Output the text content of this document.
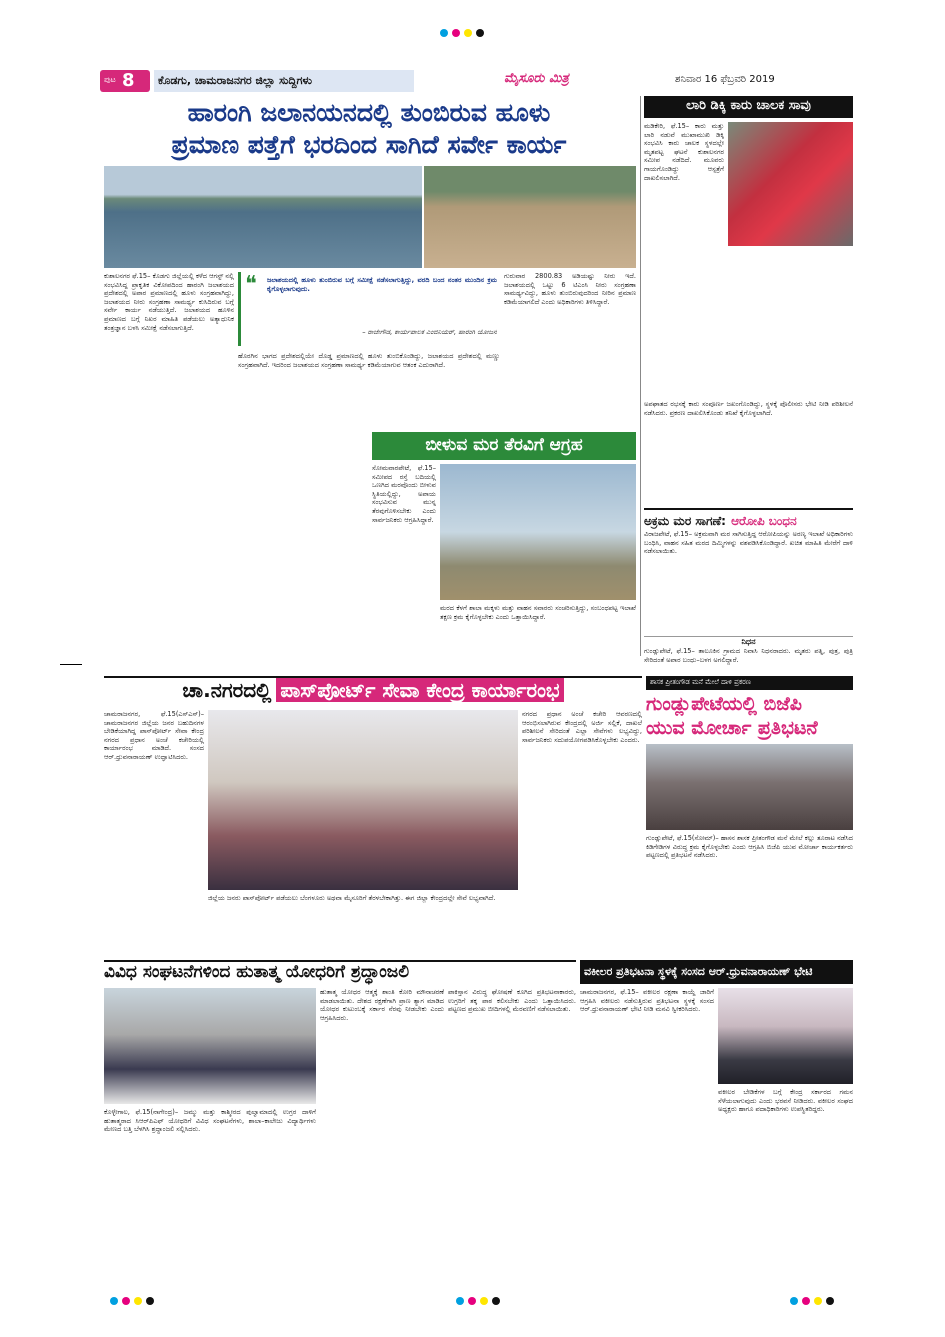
ಪುಟ 8	ಕೊಡಗು, ಚಾಮರಾಜನಗರ ಜಿಲ್ಲಾ ಸುದ್ದಿಗಳು	ಮೈಸೂರು ಮಿತ್ರ	ಶನಿವಾರ 16 ಫೆಬ್ರವರಿ 2019
ಹಾರಂಗಿ ಜಲಾನಯನದಲ್ಲಿ ತುಂಬಿರುವ ಹೂಳು
ಪ್ರಮಾಣ ಪತ್ತೆಗೆ ಭರದಿಂದ ಸಾಗಿದೆ ಸರ್ವೇ ಕಾರ್ಯ
ಕುಶಾಲನಗರ ಫೆ.15– ಕೊಡಗು ಜಿಲ್ಲೆಯಲ್ಲಿ ಕಳೆದ ಆಗಸ್ಟ್ ನಲ್ಲಿ ಸಂಭವಿಸಿದ್ದ ಪ್ರಾಕೃತಿಕ ವಿಕೋಪದಿಂದ ಹಾರಂಗಿ ಜಲಾಶಯದ ಪ್ರದೇಶದಲ್ಲಿ ಅಪಾರ ಪ್ರಮಾಣದಲ್ಲಿ ಹೂಳು ಸಂಗ್ರಹವಾಗಿದ್ದು, ಜಲಾಶಯದ ನೀರು ಸಂಗ್ರಹಣಾ ಸಾಮರ್ಥ್ಯ ಕುಸಿದಿರುವ ಬಗ್ಗೆ ಸರ್ವೇ ಕಾರ್ಯ ನಡೆಯುತ್ತಿದೆ. ಜಲಾಶಯದ ಹೂಳಿನ ಪ್ರಮಾಣದ ಬಗ್ಗೆ ನಿಖರ ಮಾಹಿತಿ ಪಡೆಯಲು ಅತ್ಯಾಧುನಿಕ ತಂತ್ರಜ್ಞಾನ ಬಳಸಿ ಸಮೀಕ್ಷೆ ನಡೆಸಲಾಗುತ್ತಿದೆ.
❝ ಜಲಾಶಯದಲ್ಲಿ ಹೂಳು ತುಂಬಿರುವ ಬಗ್ಗೆ ಸಮೀಕ್ಷೆ ನಡೆಸಲಾಗುತ್ತಿದ್ದು, ವರದಿ ಬಂದ ನಂತರ ಮುಂದಿನ ಕ್ರಮ ಕೈಗೊಳ್ಳಲಾಗುವುದು.
– ರಾಜೇಗೌಡ, ಕಾರ್ಯಪಾಲಕ ಎಂಜಿನಿಯರ್, ಹಾರಂಗಿ ಯೋಜನೆ
ಹೊರಗಿನ ಭಾಗದ ಪ್ರದೇಶದಲ್ಲಿಯೇ ದೊಡ್ಡ ಪ್ರಮಾಣದಲ್ಲಿ ಹೂಳು ತುಂಬಿಕೊಂಡಿದ್ದು, ಜಲಾಶಯದ ಪ್ರದೇಶದಲ್ಲಿ ಮಣ್ಣು ಸಂಗ್ರಹವಾಗಿದೆ. ಇದರಿಂದ ಜಲಾಶಯದ ಸಂಗ್ರಹಣಾ ಸಾಮರ್ಥ್ಯ ಕಡಿಮೆಯಾಗುವ ಆತಂಕ ಎದುರಾಗಿದೆ.
ಗುರುವಾರ 2800.83 ಅಡಿಯಷ್ಟು ನೀರು ಇದೆ. ಜಲಾಶಯದಲ್ಲಿ ಒಟ್ಟು 6 ಟಿಎಂಸಿ ನೀರು ಸಂಗ್ರಹಣಾ ಸಾಮರ್ಥ್ಯವಿದ್ದು, ಹೂಳು ತುಂಬಿರುವುದರಿಂದ ನೀರಿನ ಪ್ರಮಾಣ ಕಡಿಮೆಯಾಗಲಿದೆ ಎಂದು ಅಧಿಕಾರಿಗಳು ತಿಳಿಸಿದ್ದಾರೆ.
ಬೀಳುವ ಮರ ತೆರವಿಗೆ ಆಗ್ರಹ
ಸೋಮವಾರಪೇಟೆ, ಫೆ.15– ಸಮೀಪದ ರಸ್ತೆ ಬದಿಯಲ್ಲಿ ಒಣಗಿದ ಮರವೊಂದು ಬೀಳುವ ಸ್ಥಿತಿಯಲ್ಲಿದ್ದು, ಅಪಾಯ ಸಂಭವಿಸುವ ಮುನ್ನ ತೆರವುಗೊಳಿಸಬೇಕು ಎಂದು ಸಾರ್ವಜನಿಕರು ಆಗ್ರಹಿಸಿದ್ದಾರೆ.
ಮರದ ಕೆಳಗೆ ಶಾಲಾ ಮಕ್ಕಳು ಮತ್ತು ವಾಹನ ಸವಾರರು ಸಂಚರಿಸುತ್ತಿದ್ದು, ಸಂಬಂಧಪಟ್ಟ ಇಲಾಖೆ ತಕ್ಷಣ ಕ್ರಮ ಕೈಗೊಳ್ಳಬೇಕು ಎಂದು ಒತ್ತಾಯಿಸಿದ್ದಾರೆ.
ಲಾರಿ ಡಿಕ್ಕಿ ಕಾರು ಚಾಲಕ ಸಾವು
ಮಡಿಕೇರಿ, ಫೆ.15– ಕಾರು ಮತ್ತು ಲಾರಿ ನಡುವೆ ಮುಖಾಮುಖಿ ಡಿಕ್ಕಿ ಸಂಭವಿಸಿ ಕಾರು ಚಾಲಕ ಸ್ಥಳದಲ್ಲೇ ಮೃತಪಟ್ಟ ಘಟನೆ ಕುಶಾಲನಗರ ಸಮೀಪ ನಡೆದಿದೆ. ಮೂವರು ಗಾಯಗೊಂಡಿದ್ದು ಆಸ್ಪತ್ರೆಗೆ ದಾಖಲಿಸಲಾಗಿದೆ.
ಅಪಘಾತದ ರಭಸಕ್ಕೆ ಕಾರು ಸಂಪೂರ್ಣ ಜಖಂಗೊಂಡಿದ್ದು, ಸ್ಥಳಕ್ಕೆ ಪೊಲೀಸರು ಭೇಟಿ ನೀಡಿ ಪರಿಶೀಲನೆ ನಡೆಸಿದರು. ಪ್ರಕರಣ ದಾಖಲಿಸಿಕೊಂಡು ತನಿಖೆ ಕೈಗೊಳ್ಳಲಾಗಿದೆ.
ಅಕ್ರಮ ಮರ ಸಾಗಣೆ: ಆರೋಪಿ ಬಂಧನ
ವಿರಾಜಪೇಟೆ, ಫೆ.15– ಅಕ್ರಮವಾಗಿ ಮರ ಸಾಗಿಸುತ್ತಿದ್ದ ಆರೋಪಿಯನ್ನು ಅರಣ್ಯ ಇಲಾಖೆ ಅಧಿಕಾರಿಗಳು ಬಂಧಿಸಿ, ವಾಹನ ಸಹಿತ ಮರದ ದಿಮ್ಮಿಗಳನ್ನು ವಶಪಡಿಸಿಕೊಂಡಿದ್ದಾರೆ. ಖಚಿತ ಮಾಹಿತಿ ಮೇರೆಗೆ ದಾಳಿ ನಡೆಸಲಾಯಿತು.
ನಿಧನ
ಗುಂಡ್ಲುಪೇಟೆ, ಫೆ.15– ತಾಲೂಕಿನ ಗ್ರಾಮದ ನಿವಾಸಿ ನಿಧನರಾದರು. ಮೃತರು ಪತ್ನಿ, ಪುತ್ರ, ಪುತ್ರಿ ಸೇರಿದಂತೆ ಅಪಾರ ಬಂಧು–ಬಳಗ ಅಗಲಿದ್ದಾರೆ.
ಚಾ.ನಗರದಲ್ಲಿ ಪಾಸ್‌ಪೋರ್ಟ್ ಸೇವಾ ಕೇಂದ್ರ ಕಾರ್ಯಾರಂಭ
ಚಾಮರಾಜನಗರ, ಫೆ.15(ಎಸ್‌ಎಸ್)– ಚಾಮರಾಜನಗರ ಜಿಲ್ಲೆಯ ಜನರ ಬಹುದಿನಗಳ ಬೇಡಿಕೆಯಾಗಿದ್ದ ಪಾಸ್‌ಪೋರ್ಟ್ ಸೇವಾ ಕೇಂದ್ರ ನಗರದ ಪ್ರಧಾನ ಅಂಚೆ ಕಚೇರಿಯಲ್ಲಿ ಕಾರ್ಯಾರಂಭ ಮಾಡಿದೆ. ಸಂಸದ ಆರ್.ಧ್ರುವನಾರಾಯಣ್ ಉದ್ಘಾಟಿಸಿದರು.
ಜಿಲ್ಲೆಯ ಜನರು ಪಾಸ್‌ಪೋರ್ಟ್ ಪಡೆಯಲು ಬೆಂಗಳೂರು ಅಥವಾ ಮೈಸೂರಿಗೆ ತೆರಳಬೇಕಾಗಿತ್ತು. ಈಗ ಜಿಲ್ಲಾ ಕೇಂದ್ರದಲ್ಲೇ ಸೇವೆ ಲಭ್ಯವಾಗಿದೆ.
ನಗರದ ಪ್ರಧಾನ ಅಂಚೆ ಕಚೇರಿ ಆವರಣದಲ್ಲಿ ಆರಂಭಿಸಲಾಗಿರುವ ಕೇಂದ್ರದಲ್ಲಿ ಅರ್ಜಿ ಸಲ್ಲಿಕೆ, ದಾಖಲೆ ಪರಿಶೀಲನೆ ಸೇರಿದಂತೆ ಎಲ್ಲಾ ಸೇವೆಗಳು ಲಭ್ಯವಿದ್ದು, ಸಾರ್ವಜನಿಕರು ಸದುಪಯೋಗಪಡಿಸಿಕೊಳ್ಳಬೇಕು ಎಂದರು.
ಶಾಸಕ ಪ್ರೀತಂಗೌಡ ಮನೆ ಮೇಲೆ ದಾಳಿ ಪ್ರಕರಣ
ಗುಂಡ್ಲುಪೇಟೆಯಲ್ಲಿ ಬಿಜೆಪಿ
ಯುವ ಮೋರ್ಚಾ ಪ್ರತಿಭಟನೆ
ಗುಂಡ್ಲುಪೇಟೆ, ಫೆ.15(ಸೋಮ್)– ಹಾಸನ ಶಾಸಕ ಪ್ರೀತಂಗೌಡ ಮನೆ ಮೇಲೆ ಕಲ್ಲು ತೂರಾಟ ನಡೆಸಿದ ಕಿಡಿಗೇಡಿಗಳ ವಿರುದ್ಧ ಕ್ರಮ ಕೈಗೊಳ್ಳಬೇಕು ಎಂದು ಆಗ್ರಹಿಸಿ ಬಿಜೆಪಿ ಯುವ ಮೋರ್ಚಾ ಕಾರ್ಯಕರ್ತರು ಪಟ್ಟಣದಲ್ಲಿ ಪ್ರತಿಭಟನೆ ನಡೆಸಿದರು.
ವಿವಿಧ ಸಂಘಟನೆಗಳಿಂದ ಹುತಾತ್ಮ ಯೋಧರಿಗೆ ಶ್ರದ್ಧಾಂಜಲಿ
ಕೊಳ್ಳೇಗಾಲ, ಫೆ.15(ನಾಗೇಂದ್ರ)– ಜಮ್ಮು ಮತ್ತು ಕಾಶ್ಮೀರದ ಪುಲ್ವಾಮಾದಲ್ಲಿ ಉಗ್ರರ ದಾಳಿಗೆ ಹುತಾತ್ಮರಾದ ಸಿಆರ್‌ಪಿಎಫ್ ಯೋಧರಿಗೆ ವಿವಿಧ ಸಂಘಟನೆಗಳು, ಶಾಲಾ–ಕಾಲೇಜು ವಿದ್ಯಾರ್ಥಿಗಳು ಮೇಣದ ಬತ್ತಿ ಬೆಳಗಿಸಿ ಶ್ರದ್ಧಾಂಜಲಿ ಸಲ್ಲಿಸಿದರು.
ಹುತಾತ್ಮ ಯೋಧರ ಆತ್ಮಕ್ಕೆ ಶಾಂತಿ ಕೋರಿ ಮೌನಾಚರಣೆ ಮಾಡಲಾಯಿತು. ದೇಶದ ರಕ್ಷಣೆಗಾಗಿ ಪ್ರಾಣ ತ್ಯಾಗ ಮಾಡಿದ ಯೋಧರ ಕುಟುಂಬಕ್ಕೆ ಸರ್ಕಾರ ನೆರವು ನೀಡಬೇಕು ಎಂದು ಆಗ್ರಹಿಸಿದರು.
ಪಾಕಿಸ್ತಾನ ವಿರುದ್ಧ ಘೋಷಣೆ ಕೂಗಿದ ಪ್ರತಿಭಟನಾಕಾರರು, ಉಗ್ರರಿಗೆ ತಕ್ಕ ಪಾಠ ಕಲಿಸಬೇಕು ಎಂದು ಒತ್ತಾಯಿಸಿದರು. ಪಟ್ಟಣದ ಪ್ರಮುಖ ಬೀದಿಗಳಲ್ಲಿ ಮೆರವಣಿಗೆ ನಡೆಸಲಾಯಿತು.
ವಕೀಲರ ಪ್ರತಿಭಟನಾ ಸ್ಥಳಕ್ಕೆ ಸಂಸದ ಆರ್.ಧ್ರುವನಾರಾಯಣ್ ಭೇಟಿ
ಚಾಮರಾಜನಗರ, ಫೆ.15– ವಕೀಲರ ರಕ್ಷಣಾ ಕಾಯ್ದೆ ಜಾರಿಗೆ ಆಗ್ರಹಿಸಿ ವಕೀಲರು ನಡೆಸುತ್ತಿರುವ ಪ್ರತಿಭಟನಾ ಸ್ಥಳಕ್ಕೆ ಸಂಸದ ಆರ್.ಧ್ರುವನಾರಾಯಣ್ ಭೇಟಿ ನೀಡಿ ಮನವಿ ಸ್ವೀಕರಿಸಿದರು.
ವಕೀಲರ ಬೇಡಿಕೆಗಳ ಬಗ್ಗೆ ಕೇಂದ್ರ ಸರ್ಕಾರದ ಗಮನ ಸೆಳೆಯಲಾಗುವುದು ಎಂದು ಭರವಸೆ ನೀಡಿದರು. ವಕೀಲರ ಸಂಘದ ಅಧ್ಯಕ್ಷರು ಹಾಗೂ ಪದಾಧಿಕಾರಿಗಳು ಉಪಸ್ಥಿತರಿದ್ದರು.
